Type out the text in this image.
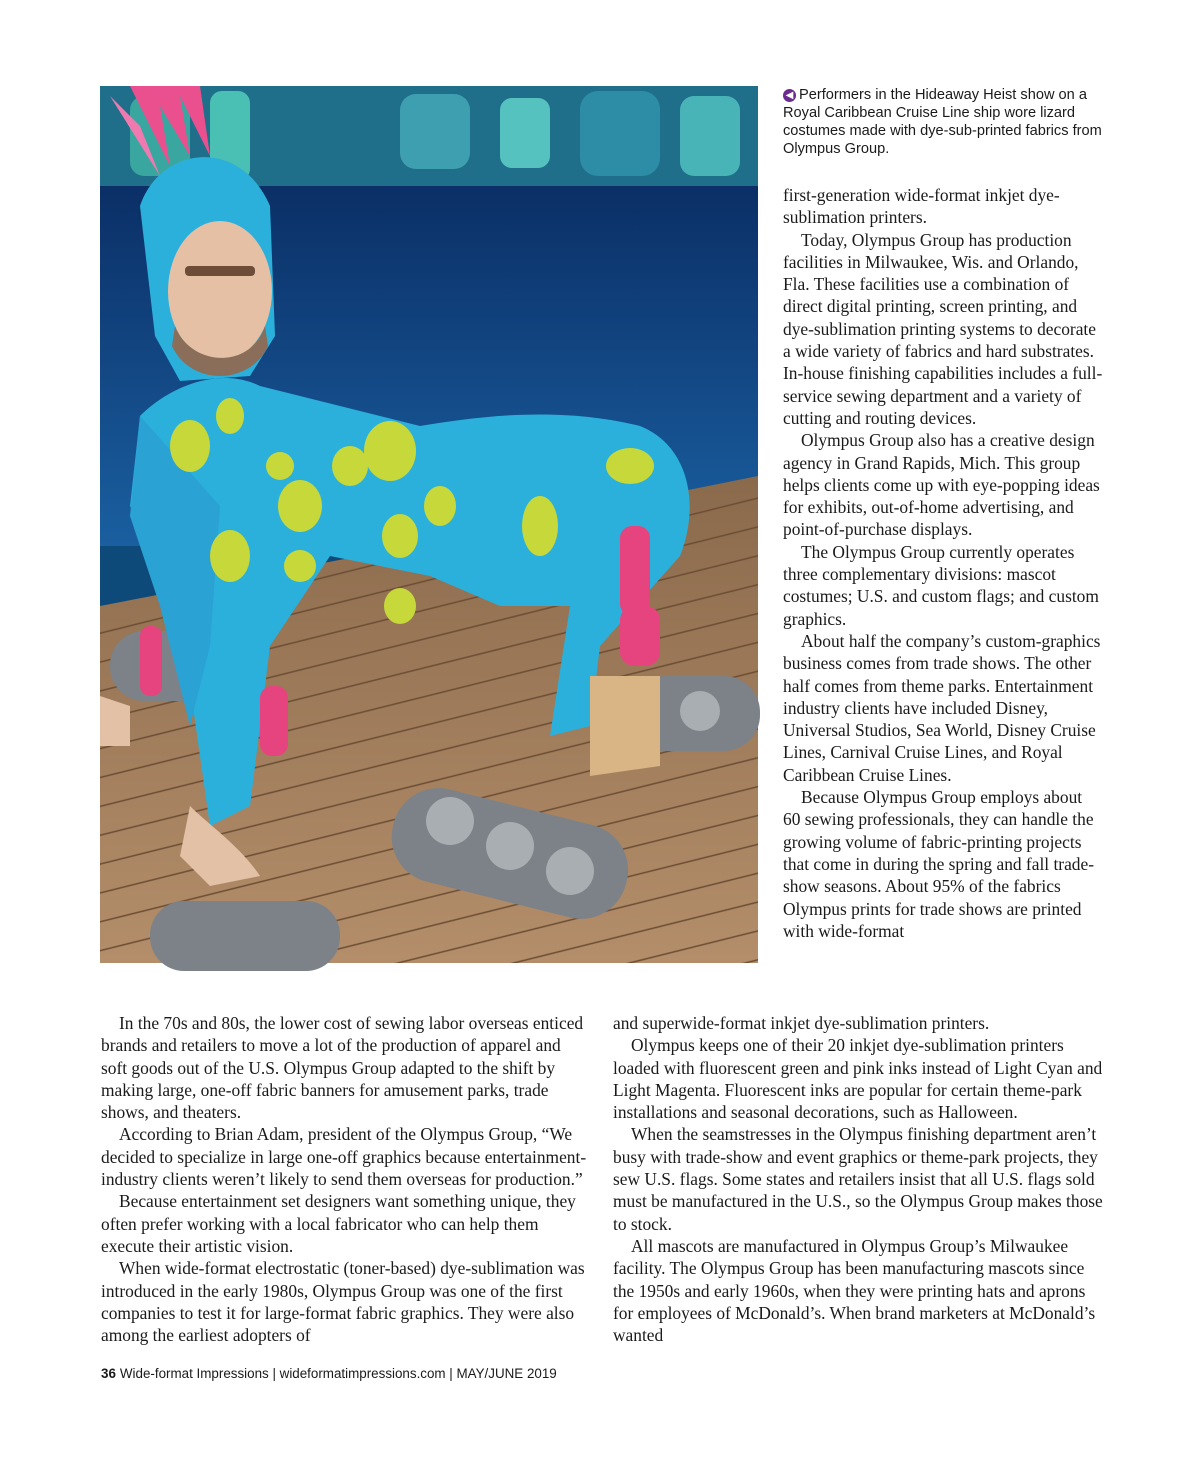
Credit: Olympus Group.
◀ Performers in the Hideaway Heist show on a Royal Caribbean Cruise Line ship wore lizard costumes made with dye-sub-printed fabrics from Olympus Group.

first-generation wide-format inkjet dye-sublimation printers.

Today, Olympus Group has production facilities in Milwaukee, Wis. and Orlando, Fla. These facilities use a combination of direct digital printing, screen printing, and dye-sublimation printing systems to decorate a wide variety of fabrics and hard substrates. In-house finishing capabilities includes a full-service sewing department and a variety of cutting and routing devices.

Olympus Group also has a creative design agency in Grand Rapids, Mich. This group helps clients come up with eye-popping ideas for exhibits, out-of-home advertising, and point-of-purchase displays.

The Olympus Group currently operates three complementary divisions: mascot costumes; U.S. and custom flags; and custom graphics.

About half the company’s custom-graphics business comes from trade shows. The other half comes from theme parks. Entertainment industry clients have included Disney, Universal Studios, Sea World, Disney Cruise Lines, Carnival Cruise Lines, and Royal Caribbean Cruise Lines.

Because Olympus Group employs about 60 sewing professionals, they can handle the growing volume of fabric-printing projects that come in during the spring and fall trade-show seasons. About 95% of the fabrics Olympus prints for trade shows are printed with wide-format

In the 70s and 80s, the lower cost of sewing labor overseas enticed brands and retailers to move a lot of the production of apparel and soft goods out of the U.S. Olympus Group adapted to the shift by making large, one-off fabric banners for amusement parks, trade shows, and theaters.

According to Brian Adam, president of the Olympus Group, “We decided to specialize in large one-off graphics because entertainment-industry clients weren’t likely to send them overseas for production.”

Because entertainment set designers want something unique, they often prefer working with a local fabricator who can help them execute their artistic vision.

When wide-format electrostatic (toner-based) dye-sublimation was introduced in the early 1980s, Olympus Group was one of the first companies to test it for large-format fabric graphics. They were also among the earliest adopters of

and superwide-format inkjet dye-sublimation printers.

Olympus keeps one of their 20 inkjet dye-sublimation printers loaded with fluorescent green and pink inks instead of Light Cyan and Light Magenta. Fluorescent inks are popular for certain theme-park installations and seasonal decorations, such as Halloween.

When the seamstresses in the Olympus finishing department aren’t busy with trade-show and event graphics or theme-park projects, they sew U.S. flags. Some states and retailers insist that all U.S. flags sold must be manufactured in the U.S., so the Olympus Group makes those to stock.

All mascots are manufactured in Olympus Group’s Milwaukee facility. The Olympus Group has been manufacturing mascots since the 1950s and early 1960s, when they were printing hats and aprons for employees of McDonald’s. When brand marketers at McDonald’s wanted

36 Wide-format Impressions | wideformatimpressions.com | MAY/JUNE 2019
